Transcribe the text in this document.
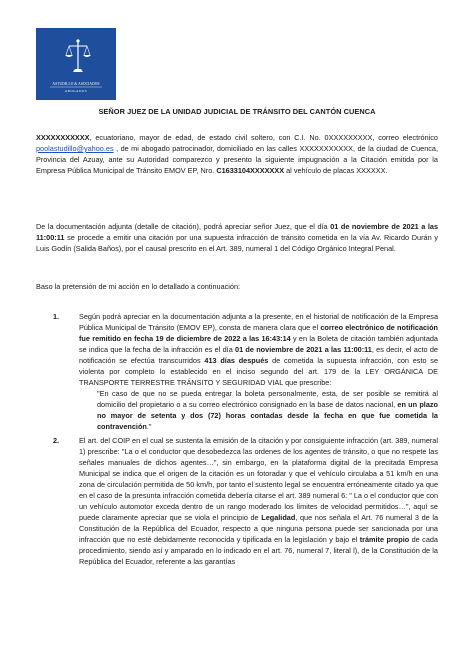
ASTUDILLO & ASOCIADOS
ABOGADOS
SEÑOR JUEZ DE LA UNIDAD JUDICIAL DE TRÁNSITO DEL CANTÓN CUENCA
XXXXXXXXXXX, ecuatoriano, mayor de edad, de estado civil soltero, con C.I. No. 0XXXXXXXXX, correo electrónico poolastudillo@yahoo.es , de mi abogado patrocinador, domiciliado en las calles XXXXXXXXXXX, de la ciudad de Cuenca, Provincia del Azuay, ante su Autoridad comparezco y presento la siguiente impugnación a la Citación emitida por la Empresa Pública Municipal de Tránsito EMOV EP, Nro. C1633104XXXXXXX al vehículo de placas XXXXXX.
De la documentación adjunta (detalle de citación), podrá apreciar señor Juez, que el día 01 de noviembre de 2021 a las 11:00:11 se procede a emitir una citación por una supuesta infracción de tránsito cometida en la vía Av. Ricardo Durán y Luis Godín (Salida Baños), por el causal prescrito en el Art. 389, numeral 1 del Código Orgánico Integral Penal.
Baso la pretensión de mi acción en lo detallado a continuación:
1.	Según podrá apreciar en la documentación adjunta a la presente, en el historial de notificación de la Empresa Pública Municipal de Tránsito (EMOV EP), consta de manera clara que el correo electrónico de notificación fue remitido en fecha 19 de diciembre de 2022 a las 16:43:14 y en la Boleta de citación también adjuntada se indica que la fecha de la infracción es el día 01 de noviembre de 2021 a las 11:00:11, es decir, el acto de notificación se efectúa transcurridos 413 días después de cometida la supuesta infracción, con esto se violenta por completo lo establecido en el inciso segundo del art. 179 de la LEY ORGÁNICA DE TRANSPORTE TERRESTRE TRÁNSITO Y SEGURIDAD VIAL que prescribe:
"En caso de que no se pueda entregar la boleta personalmente, esta, de ser posible se remitirá al domicilio del propietario o a su correo electrónico consignado en la base de datos nacional, en un plazo no mayor de setenta y dos (72) horas contadas desde la fecha en que fue cometida la contravención."
2.	El art. del COIP en el cual se sustenta la emisión de la citación y por consiguiente infracción (art. 389, numeral 1) prescribe: "La o el conductor que desobedezca las ordenes de los agentes de tránsito, o que no respete las señales manuales de dichos agentes…", sin embargo, en la plataforma digital de la precitada Empresa Municipal se indica que el origen de la citación es un fotoradar y que el vehículo circulaba a 51 km/h en una zona de circulación permitida de 50 km/h, por tanto el sustento legal se encuentra erróneamente citado ya que en el caso de la presunta infracción cometida debería citarse el art. 389 numeral 6: " La o el conductor que con un vehículo automotor exceda dentro de un rango moderado los límites de velocidad permitidos…", aquí se puede claramente apreciar que se viola el principio de Legalidad, que nos señala el Art. 76 numeral 3 de la Constitución de la República del Ecuador, respecto a que ninguna persona puede ser sancionada por una infracción que no esté debidamente reconocida y tipificada en la legislación y bajo el trámite propio de cada procedimiento, siendo así y amparado en lo indicado en el art. 76, numeral 7, literal l), de la Constitución de la República del Ecuador, referente a las garantías
